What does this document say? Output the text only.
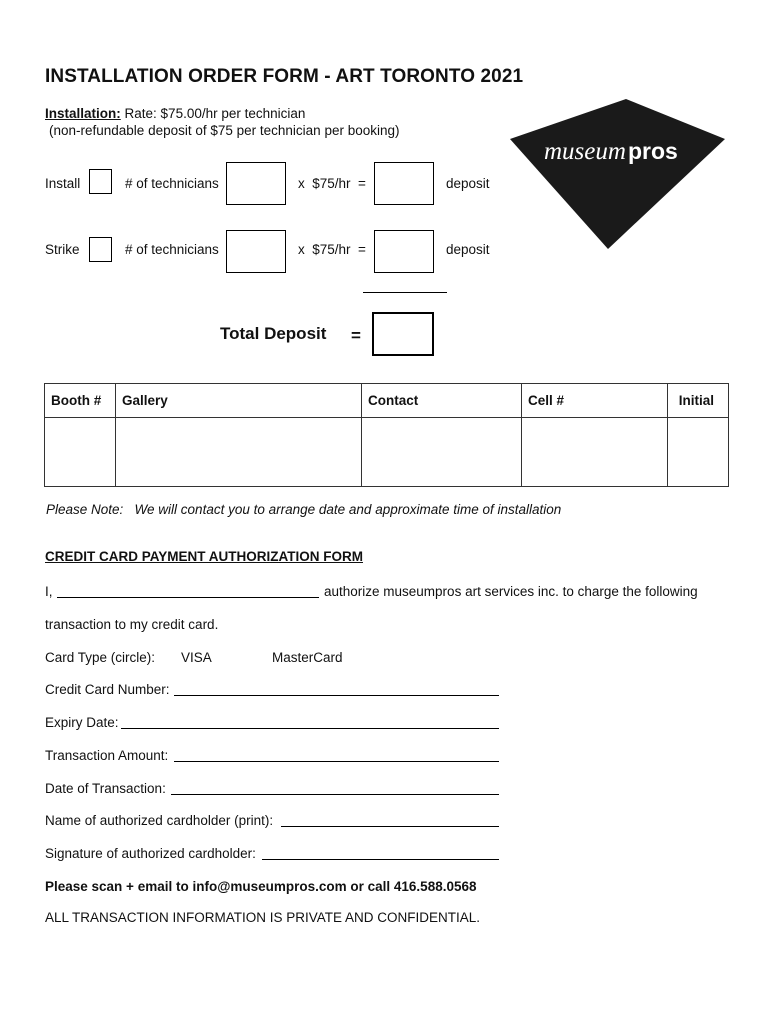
INSTALLATION ORDER FORM - ART TORONTO 2021
Installation: Rate: $75.00/hr per technician
(non-refundable deposit of $75 per technician per booking)
museum pros
Install	# of technicians	x  $75/hr  =	deposit
Strike	# of technicians	x  $75/hr  =	deposit
Total Deposit =
Booth #	Gallery	Contact	Cell #	Initial

Please Note:   We will contact you to arrange date and approximate time of installation
CREDIT CARD PAYMENT AUTHORIZATION FORM
I,	authorize museumpros art services inc. to charge the following
transaction to my credit card.
Card Type (circle): VISA	MasterCard
Credit Card Number:
Expiry Date:
Transaction Amount:
Date of Transaction:
Name of authorized cardholder (print):
Signature of authorized cardholder:
Please scan + email to info@museumpros.com or call 416.588.0568
ALL TRANSACTION INFORMATION IS PRIVATE AND CONFIDENTIAL.
